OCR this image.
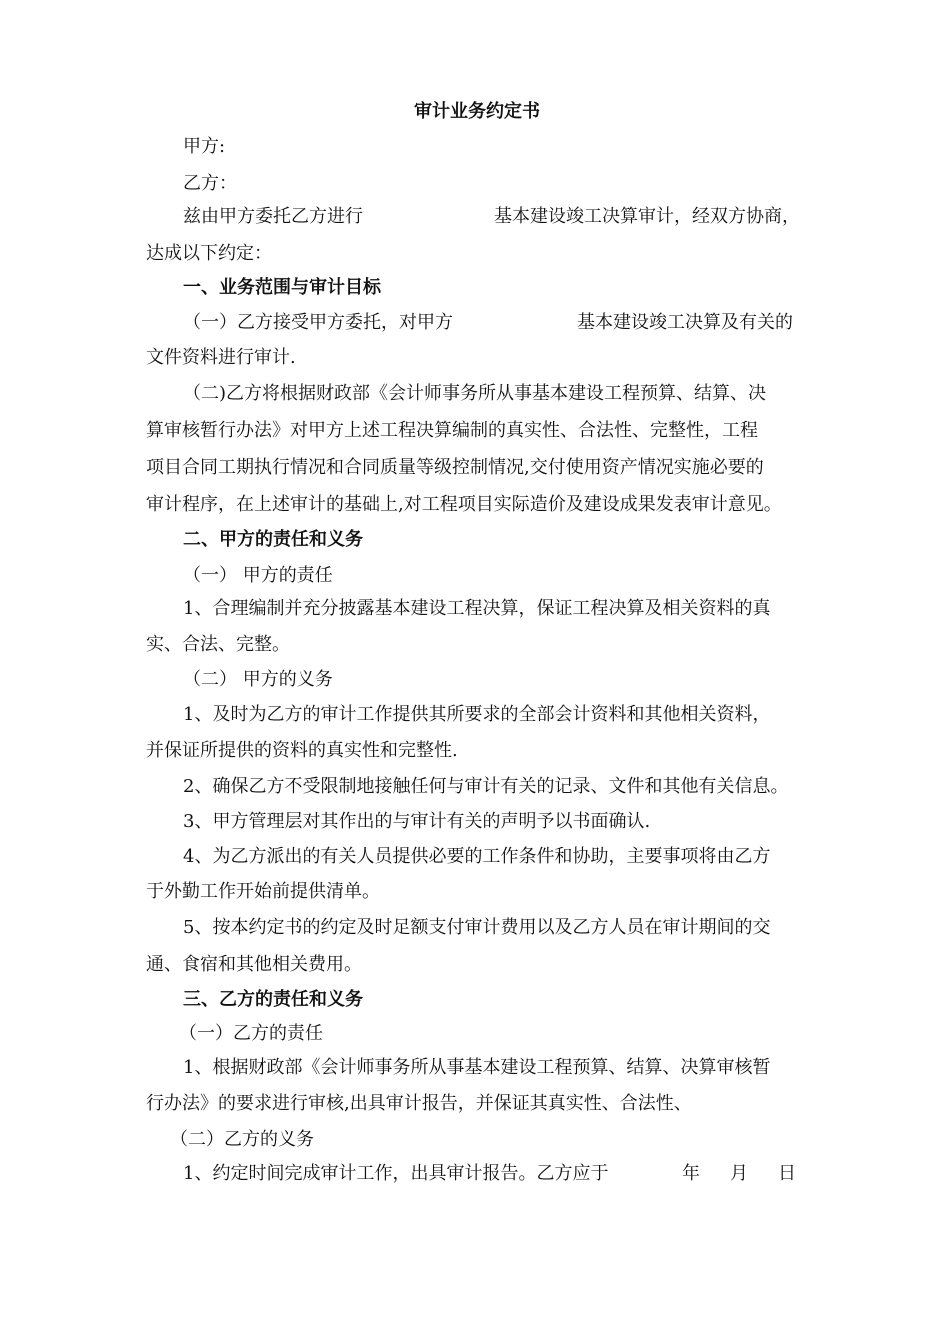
审计业务约定书
甲方:
乙方：
兹由甲方委托乙方进行	基本建设竣工决算审计，经双方协商，
达成以下约定：
一、业务范围与审计目标
（一）乙方接受甲方委托，对甲方	基本建设竣工决算及有关的
文件资料进行审计.
（二)乙方将根据财政部《会计师事务所从事基本建设工程预算、结算、决
算审核暂行办法》对甲方上述工程决算编制的真实性、合法性、完整性，工程
项目合同工期执行情况和合同质量等级控制情况,交付使用资产情况实施必要的
审计程序，在上述审计的基础上,对工程项目实际造价及建设成果发表审计意见。
二、甲方的责任和义务
（一） 甲方的责任
1、合理编制并充分披露基本建设工程决算，保证工程决算及相关资料的真
实、合法、完整。
（二） 甲方的义务
1、及时为乙方的审计工作提供其所要求的全部会计资料和其他相关资料，
并保证所提供的资料的真实性和完整性.
2、确保乙方不受限制地接触任何与审计有关的记录、文件和其他有关信息。
3、甲方管理层对其作出的与审计有关的声明予以书面确认.
4、为乙方派出的有关人员提供必要的工作条件和协助，主要事项将由乙方
于外勤工作开始前提供清单。
5、按本约定书的约定及时足额支付审计费用以及乙方人员在审计期间的交
通、食宿和其他相关费用。
三、乙方的责任和义务
（一）乙方的责任
1、根据财政部《会计师事务所从事基本建设工程预算、结算、决算审核暂
行办法》的要求进行审核,出具审计报告，并保证其真实性、合法性、
（二）乙方的义务
1、约定时间完成审计工作，出具审计报告。乙方应于	年 月 日
